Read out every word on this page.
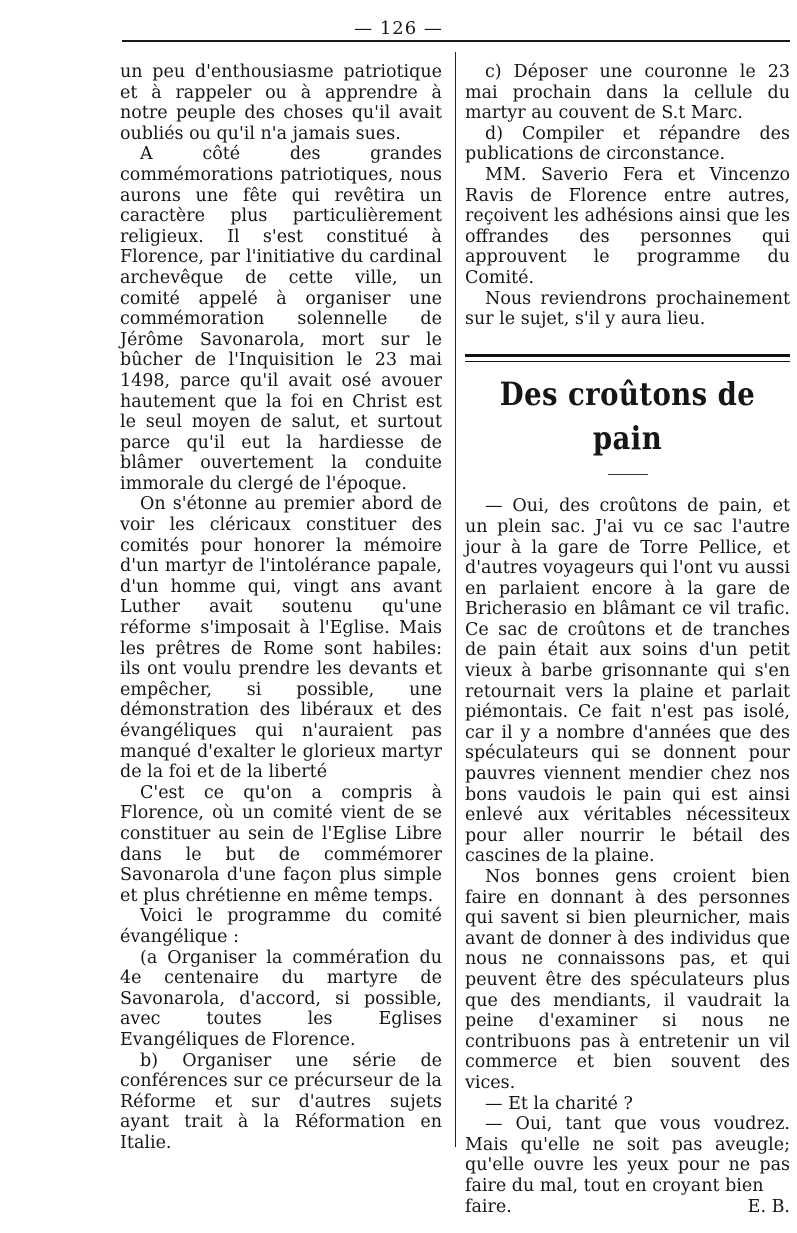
— 126 —

un peu d'enthousiasme patriotique et à rappeler ou à apprendre à notre peuple des choses qu'il avait oubliés ou qu'il n'a jamais sues.

A côté des grandes commémorations patriotiques, nous aurons une fête qui revêtira un caractère plus particulièrement religieux. Il s'est constitué à Florence, par l'initiative du cardinal archevêque de cette ville, un comité appelé à organiser une commémoration solennelle de Jérôme Savonarola, mort sur le bûcher de l'Inquisition le 23 mai 1498, parce qu'il avait osé avouer hautement que la foi en Christ est le seul moyen de salut, et surtout parce qu'il eut la hardiesse de blâmer ouvertement la conduite immorale du clergé de l'époque.

On s'étonne au premier abord de voir les cléricaux constituer des comités pour honorer la mémoire d'un martyr de l'intolérance papale, d'un homme qui, vingt ans avant Luther avait soutenu qu'une réforme s'imposait à l'Eglise. Mais les prêtres de Rome sont habiles: ils ont voulu prendre les devants et empêcher, si possible, une démonstration des libéraux et des évangéliques qui n'auraient pas manqué d'exalter le glorieux martyr de la foi et de la liberté

C'est ce qu'on a compris à Florence, où un comité vient de se constituer au sein de l'Eglise Libre dans le but de commémorer Savonarola d'une façon plus simple et plus chrétienne en même temps.

Voici le programme du comité évangélique :

(a Organiser la comméraťion du 4e centenaire du martyre de Savonarola, d'accord, si possible, avec toutes les Eglises Evangéliques de Florence.

b) Organiser une série de conférences sur ce précurseur de la Réforme et sur d'autres sujets ayant trait à la Réformation en Italie.

c) Déposer une couronne le 23 mai prochain dans la cellule du martyr au couvent de S.t Marc.

d) Compiler et répandre des publications de circonstance.

MM. Saverio Fera et Vincenzo Ravis de Florence entre autres, reçoivent les adhésions ainsi que les offrandes des personnes qui approuvent le programme du Comité.

Nous reviendrons prochainement sur le sujet, s'il y aura lieu.

Des croûtons de pain

— Oui, des croûtons de pain, et un plein sac. J'ai vu ce sac l'autre jour à la gare de Torre Pellice, et d'autres voyageurs qui l'ont vu aussi en parlaient encore à la gare de Bricherasio en blâmant ce vil trafic. Ce sac de croûtons et de tranches de pain était aux soins d'un petit vieux à barbe grisonnante qui s'en retournait vers la plaine et parlait piémontais. Ce fait n'est pas isolé, car il y a nombre d'années que des spéculateurs qui se donnent pour pauvres viennent mendier chez nos bons vaudois le pain qui est ainsi enlevé aux véritables nécessiteux pour aller nourrir le bétail des cascines de la plaine.

Nos bonnes gens croient bien faire en donnant à des personnes qui savent si bien pleurnicher, mais avant de donner à des individus que nous ne connaissons pas, et qui peuvent être des spéculateurs plus que des mendiants, il vaudrait la peine d'examiner si nous ne contribuons pas à entretenir un vil commerce et bien souvent des vices.

— Et la charité ?

— Oui, tant que vous voudrez. Mais qu'elle ne soit pas aveugle; qu'elle ouvre les yeux pour ne pas faire du mal, tout en croyant bien

faire.	E. B.
